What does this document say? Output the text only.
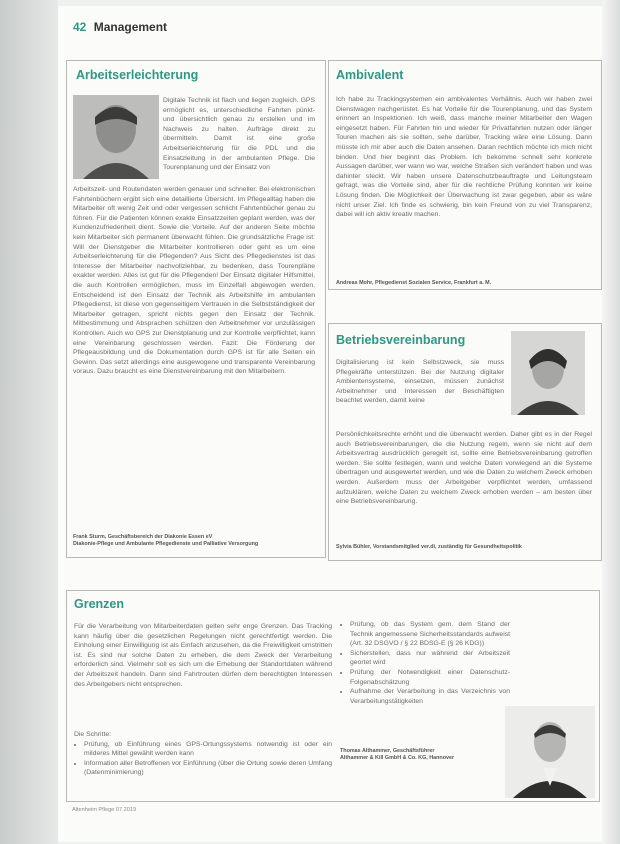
42 Management
Arbeitserleichterung
Digitale Technik ist flach und liegen zugleich. GPS ermöglicht es, unterschiedliche Fahrten pünkt- und übersichtlich genau zu erstellen und im Nachweis zu halten. Aufträge direkt zu übermitteln. Damit ist eine große Arbeitserleichterung für die PDL und die Einsatzleitung in der ambulanten Pflege. Die Tourenplanung und der Einsatz von
Arbeitszeit- und Routendaten werden genauer und schneller. Bei elektronischen Fahrtenbüchern ergibt sich eine detaillierte Übersicht. Im Pflegealltag haben die Mitarbeiter oft wenig Zeit und oder vergessen schlicht Fahrtenbücher genau zu führen. Für die Patienten können exakte Einsatzzeiten geplant werden, was der Kundenzufriedenheit dient. Sowie die Vorteile. Auf der anderen Seite möchte kein Mitarbeiter sich permanent überwacht fühlen. Die grundsätzliche Frage ist: Will der Dienstgeber die Mitarbeiter kontrollieren oder geht es um eine Arbeitserleichterung für die Pflegenden? Aus Sicht des Pflegedienstes ist das Interesse der Mitarbeiter nachvollziehbar, zu bedenken, dass Tourenpläne exakter werden. Alles ist gut für die Pflegenden! Der Einsatz digitaler Hilfsmittel, die auch Kontrollen ermöglichen, muss im Einzelfall abgewogen werden. Entscheidend ist den Einsatz der Technik als Arbeitshilfe im ambulanten Pflegedienst, ist diese von gegenseitigem Vertrauen in die Selbstständigkeit der Mitarbeiter getragen, spricht nichts gegen den Einsatz der Technik. Mitbestimmung und Absprachen schützen den Arbeitnehmer vor unzulässigen Kontrollen. Auch wo GPS zur Dienstplanung und zur Kontrolle verpflichtet, kann eine Vereinbarung geschlossen werden. Fazit: Die Förderung der Pflegeausbildung und die Dokumentation durch GPS ist für alle Seiten ein Gewinn. Das setzt allerdings eine ausgewogene und transparente Vereinbarung voraus. Dazu braucht es eine Dienstvereinbarung mit den Mitarbeitern.
Frank Sturm, Geschäftsbereich der Diakonie Essen eV
Diakonie-Pflege und Ambulante Pflegedienste und Palliative Versorgung
Ambivalent
Ich habe zu Trackingsystemen ein ambivalentes Verhältnis. Auch wir haben zwei Dienstwagen nachgerüstet. Es hat Vorteile für die Tourenplanung, und das System erinnert an Inspektionen. Ich weiß, dass manche meiner Mitarbeiter den Wagen eingesetzt haben. Für Fahrten hin und wieder für Privatfahrten nutzen oder länger Touren machen als sie sollten, sehe darüber, Tracking wäre eine Lösung. Dann müsste ich mir aber auch die Daten ansehen. Daran rechtlich möchte ich mich nicht binden. Und hier beginnt das Problem. Ich bekomme schnell sehr konkrete Aussagen darüber, wer wann wo war, welche Straßen sich verändert haben und was dahinter steckt. Wir haben unsere Datenschutzbeauftragte und Leitungsteam gefragt, was die Vorteile sind, aber für die rechtliche Prüfung konnten wir keine Lösung finden. Die Möglichkeit der Überwachung ist zwar gegeben, aber es wäre nicht unser Ziel. Ich finde es schwierig, bin kein Freund von zu viel Transparenz, dabei will ich aktiv kreativ machen.
Andreas Mohr, Pflegedienst Sozialen Service, Frankfurt a. M.
Betriebsvereinbarung
Digitalisierung ist kein Selbstzweck, sie muss Pflegekräfte unterstützen. Bei der Nutzung digitaler Ambientensysteme, einsetzen, müssen zunächst Arbeitnehmer und Interessen der Beschäftigten beachtet werden, damit keine
Persönlichkeitsrechte erhöht und die überwacht werden. Daher gibt es in der Regel auch Betriebsvereinbarungen, die die Nutzung regeln, wenn sie nicht auf dem Arbeitsvertrag ausdrücklich geregelt ist, sollte eine Betriebsvereinbarung getroffen werden. Sie sollte festlegen, wann und welche Daten vorwiegend an die Systeme übertragen und ausgewertet werden, und wie die Daten zu welchem Zweck erhoben werden. Außerdem muss der Arbeitgeber verpflichtet werden, umfassend aufzuklären, welche Daten zu welchem Zweck erhoben werden – am besten über eine Betriebsvereinbarung.
Sylvia Bühler, Vorstandsmitglied ver.di, zuständig für Gesundheitspolitik
Grenzen
Für die Verarbeitung von Mitarbeiterdaten gelten sehr enge Grenzen. Das Tracking kann häufig über die gesetzlichen Regelungen nicht gerechtfertigt werden. Die Einholung einer Einwilligung ist als Einfach anzusehen, da die Freiwilligkeit umstritten ist. Es sind nur solche Daten zu erheben, die dem Zweck der Verarbeitung erforderlich sind. Vielmehr soll es sich um die Erhebung der Standortdaten während der Arbeitszeit handeln. Dann sind Fahrtrouten dürfen dem berechtigten Interessen des Arbeitgebers nicht entsprechen.
Die Schritte:
• Prüfung, ob Einführung eines GPS-Ortungssystems notwendig ist oder ein milderes Mittel gewählt werden kann
• Information aller Betroffenen vor Einführung (über die Ortung sowie deren Umfang (Datenminimierung)
• Prüfung, ob das System gem. dem Stand der Technik angemessene Sicherheitsstandards aufweist (Art. 32 DSGVO / § 22 BDSG-E (§ 26 KDG))
• Sicherstellen, dass nur während der Arbeitszeit geortet wird
• Prüfung der Notwendigkeit einer Datenschutz-Folgenabschätzung
• Aufnahme der Verarbeitung in das Verzeichnis von Verarbeitungstätigkeiten
Thomas Althammer, Geschäftsführer
Althammer & Kill GmbH & Co. KG, Hannover
Altenheim Pflege 07 2019
